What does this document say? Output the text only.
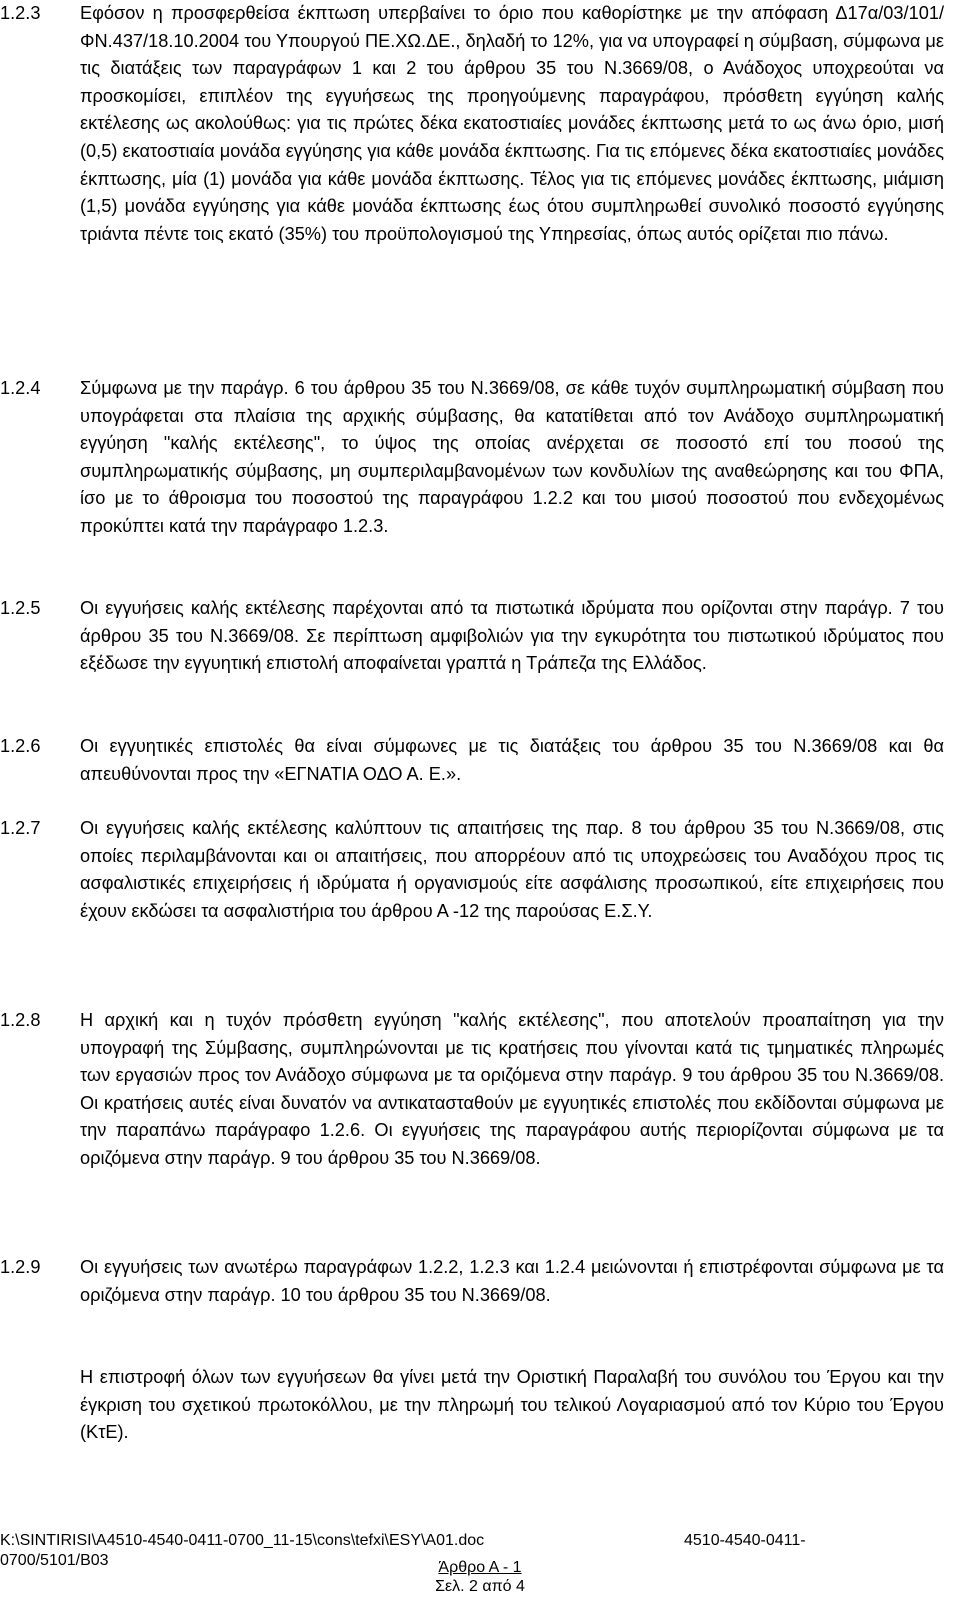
1.2.3	Εφόσον η προσφερθείσα έκπτωση υπερβαίνει το όριο που καθορίστηκε με την απόφαση Δ17α/03/101/ΦΝ.437/18.10.2004 του Υπουργού ΠΕ.ΧΩ.ΔΕ., δηλαδή το 12%, για να υπογραφεί η σύμβαση, σύμφωνα με τις διατάξεις των παραγράφων 1 και 2 του άρθρου 35 του Ν.3669/08, ο Ανάδοχος υποχρεούται να προσκομίσει, επιπλέον της εγγυήσεως της προηγούμενης παραγράφου, πρόσθετη εγγύηση καλής εκτέλεσης ως ακολούθως: για τις πρώτες δέκα εκατοστιαίες μονάδες έκπτωσης μετά το ως άνω όριο, μισή (0,5) εκατοστιαία μονάδα εγγύησης για κάθε μονάδα έκπτωσης. Για τις επόμενες δέκα εκατοστιαίες μονάδες έκπτωσης, μία (1) μονάδα για κάθε μονάδα έκπτωσης. Τέλος για τις επόμενες μονάδες έκπτωσης, μιάμιση (1,5) μονάδα εγγύησης για κάθε μονάδα έκπτωσης έως ότου συμπληρωθεί συνολικό ποσοστό εγγύησης τριάντα πέντε τοις εκατό (35%) του προϋπολογισμού της Υπηρεσίας, όπως αυτός ορίζεται πιο πάνω.
1.2.4	Σύμφωνα με την παράγρ. 6 του άρθρου 35 του Ν.3669/08, σε κάθε τυχόν συμπληρωματική σύμβαση που υπογράφεται στα πλαίσια της αρχικής σύμβασης, θα κατατίθεται από τον Ανάδοχο συμπληρωματική εγγύηση "καλής εκτέλεσης", το ύψος της οποίας ανέρχεται σε ποσοστό επί του ποσού της συμπληρωματικής σύμβασης, μη συμπεριλαμβανομένων των κονδυλίων της αναθεώρησης και του ΦΠΑ, ίσο με το άθροισμα του ποσοστού της παραγράφου 1.2.2 και του μισού ποσοστού που ενδεχομένως προκύπτει κατά την παράγραφο 1.2.3.
1.2.5	Οι εγγυήσεις καλής εκτέλεσης παρέχονται από τα πιστωτικά ιδρύματα που ορίζονται στην παράγρ. 7 του άρθρου 35 του Ν.3669/08. Σε περίπτωση αμφιβολιών για την εγκυρότητα του πιστωτικού ιδρύματος που εξέδωσε την εγγυητική επιστολή αποφαίνεται γραπτά η Τράπεζα της Ελλάδος.
1.2.6	Οι εγγυητικές επιστολές θα είναι σύμφωνες με τις διατάξεις του άρθρου 35 του Ν.3669/08 και θα απευθύνονται προς την «ΕΓΝΑΤΙΑ ΟΔΟ Α. Ε.».
1.2.7	Οι εγγυήσεις καλής εκτέλεσης καλύπτουν τις απαιτήσεις της παρ. 8 του άρθρου 35 του Ν.3669/08, στις οποίες περιλαμβάνονται και οι απαιτήσεις, που απορρέουν από τις υποχρεώσεις του Αναδόχου προς τις ασφαλιστικές επιχειρήσεις ή ιδρύματα ή οργανισμούς είτε ασφάλισης προσωπικού, είτε επιχειρήσεις που έχουν εκδώσει τα ασφαλιστήρια του άρθρου Α -12 της παρούσας Ε.Σ.Υ.
1.2.8	Η αρχική και η τυχόν πρόσθετη εγγύηση "καλής εκτέλεσης", που αποτελούν προαπαίτηση για την υπογραφή της Σύμβασης, συμπληρώνονται με τις κρατήσεις που γίνονται κατά τις τμηματικές πληρωμές των εργασιών προς τον Ανάδοχο σύμφωνα με τα οριζόμενα στην παράγρ. 9 του άρθρου 35 του Ν.3669/08. Οι κρατήσεις αυτές είναι δυνατόν να αντικατασταθούν με εγγυητικές επιστολές που εκδίδονται σύμφωνα με την παραπάνω παράγραφο 1.2.6. Οι εγγυήσεις της παραγράφου αυτής περιορίζονται σύμφωνα με τα οριζόμενα στην παράγρ. 9 του άρθρου 35 του Ν.3669/08.
1.2.9	Οι εγγυήσεις των ανωτέρω παραγράφων 1.2.2, 1.2.3 και 1.2.4 μειώνονται ή επιστρέφονται σύμφωνα με τα οριζόμενα στην παράγρ. 10 του άρθρου 35 του Ν.3669/08.
Η επιστροφή όλων των εγγυήσεων θα γίνει μετά την Οριστική Παραλαβή του συνόλου του Έργου και την έγκριση του σχετικού πρωτοκόλλου, με την πληρωμή του τελικού Λογαριασμού από τον Κύριο του Έργου (ΚτΕ).
K:\SINTIRISI\A4510-4540-0411-0700_11-15\cons\tefxi\ESY\A01.doc
0700/5101/B03
4510-4540-0411-
Άρθρο Α - 1
Σελ. 2 από 4
